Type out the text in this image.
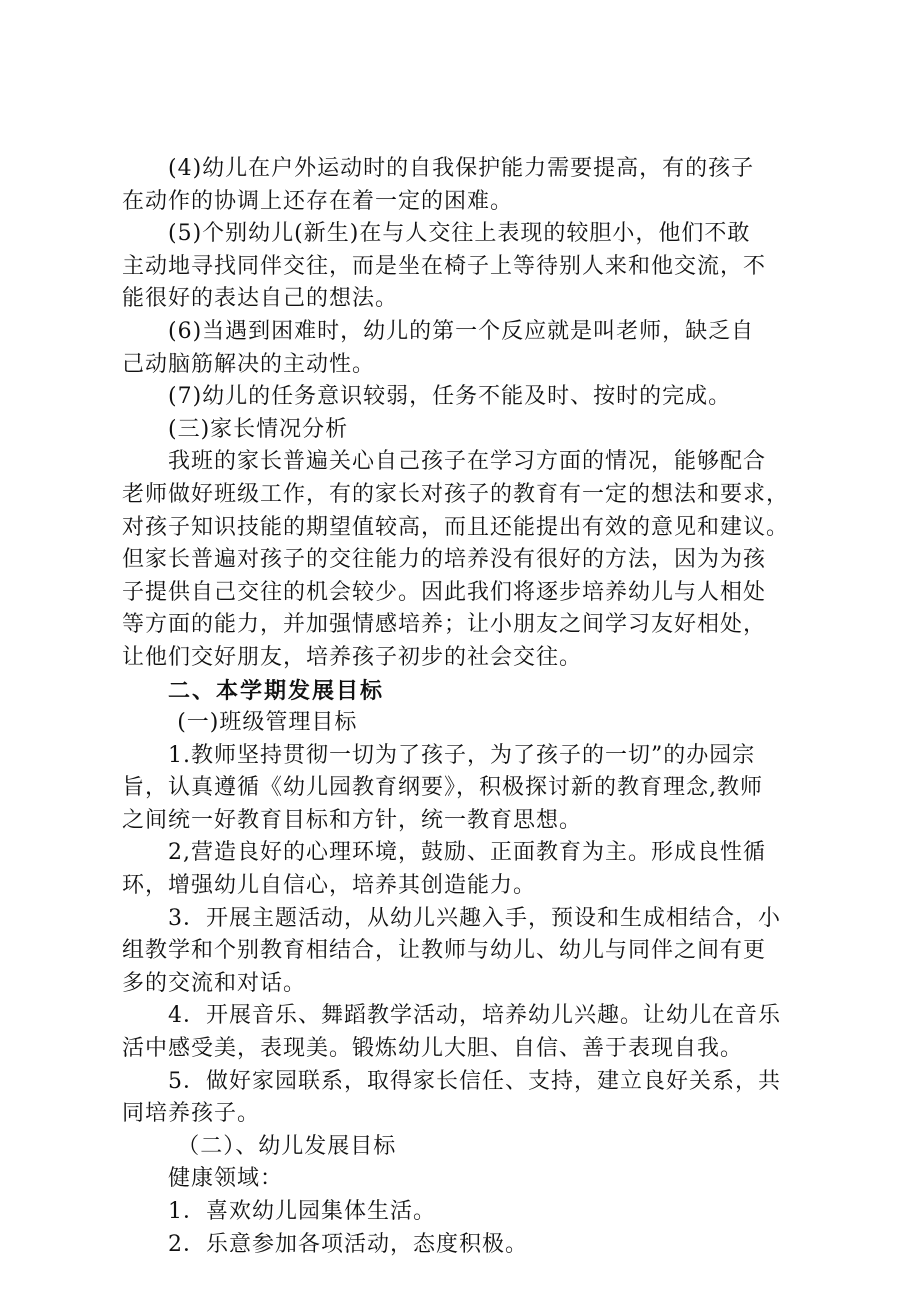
(4)幼儿在户外运动时的自我保护能力需要提高，有的孩子
在动作的协调上还存在着一定的困难。
(5)个别幼儿(新生)在与人交往上表现的较胆小，他们不敢
主动地寻找同伴交往，而是坐在椅子上等待别人来和他交流，不
能很好的表达自己的想法。
(6)当遇到困难时，幼儿的第一个反应就是叫老师，缺乏自
己动脑筋解决的主动性。
(7)幼儿的任务意识较弱，任务不能及时、按时的完成。
(三)家长情况分析
我班的家长普遍关心自己孩子在学习方面的情况，能够配合
老师做好班级工作，有的家长对孩子的教育有一定的想法和要求，
对孩子知识技能的期望值较高，而且还能提出有效的意见和建议。
但家长普遍对孩子的交往能力的培养没有很好的方法，因为为孩
子提供自己交往的机会较少。因此我们将逐步培养幼儿与人相处
等方面的能力，并加强情感培养；让小朋友之间学习友好相处，
让他们交好朋友，培养孩子初步的社会交往。
二、本学期发展目标
(一)班级管理目标
1.教师坚持贯彻一切为了孩子，为了孩子的一切”的办园宗
旨，认真遵循《幼儿园教育纲要》，积极探讨新的教育理念,教师
之间统一好教育目标和方针，统一教育思想。
2,营造良好的心理环境，鼓励、正面教育为主。形成良性循
环，增强幼儿自信心，培养其创造能力。
3．开展主题活动，从幼儿兴趣入手，预设和生成相结合，小
组教学和个别教育相结合，让教师与幼儿、幼儿与同伴之间有更
多的交流和对话。
4．开展音乐、舞蹈教学活动，培养幼儿兴趣。让幼儿在音乐
活中感受美，表现美。锻炼幼儿大胆、自信、善于表现自我。
5．做好家园联系，取得家长信任、支持，建立良好关系，共
同培养孩子。
（二）、幼儿发展目标
健康领域：
1．喜欢幼儿园集体生活。
2．乐意参加各项活动，态度积极。
